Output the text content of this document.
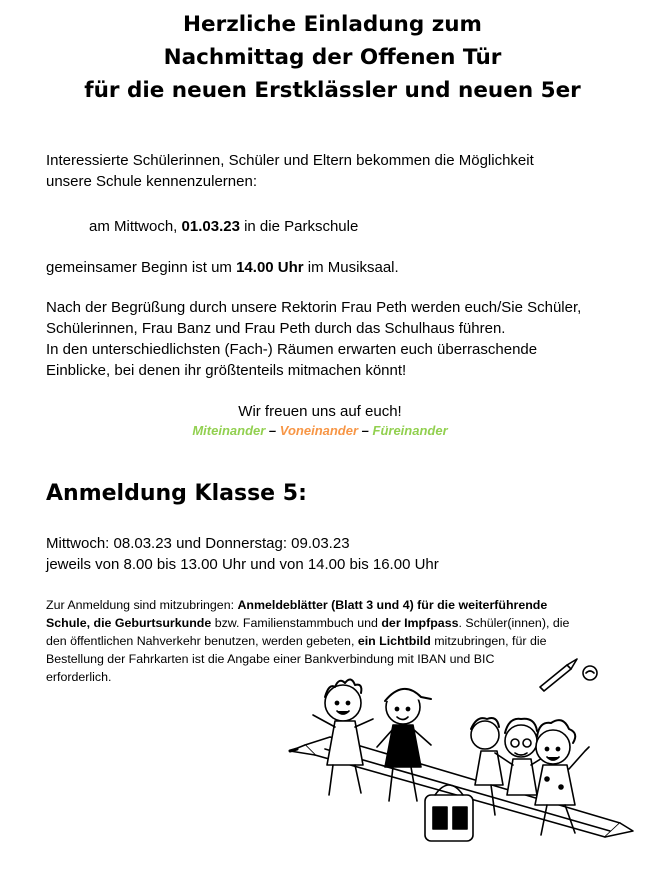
Herzliche Einladung zum
Nachmittag der Offenen Tür
für die neuen Erstklässler und neuen 5er
Interessierte Schülerinnen, Schüler und Eltern bekommen die Möglichkeit
unsere Schule kennenzulernen:
am Mittwoch, 01.03.23 in die Parkschule
gemeinsamer Beginn ist um 14.00 Uhr im Musiksaal.
Nach der Begrüßung durch unsere Rektorin Frau Peth werden euch/Sie Schüler,
Schülerinnen, Frau Banz und Frau Peth durch das Schulhaus führen.
In den unterschiedlichsten (Fach-) Räumen erwarten euch überraschende
Einblicke, bei denen ihr größtenteils mitmachen könnt!
Wir freuen uns auf euch!
Miteinander – Voneinander – Füreinander
Anmeldung Klasse 5:
Mittwoch: 08.03.23 und Donnerstag: 09.03.23
jeweils von 8.00 bis 13.00 Uhr und von 14.00 bis 16.00 Uhr
Zur Anmeldung sind mitzubringen: Anmeldeblätter (Blatt 3 und 4) für die weiterführende
Schule, die Geburtsurkunde bzw. Familienstammbuch und der Impfpass. Schüler(innen), die
den öffentlichen Nahverkehr benutzen, werden gebeten, ein Lichtbild mitzubringen, für die
Bestellung der Fahrkarten ist die Angabe einer Bankverbindung mit IBAN und BIC
erforderlich.
